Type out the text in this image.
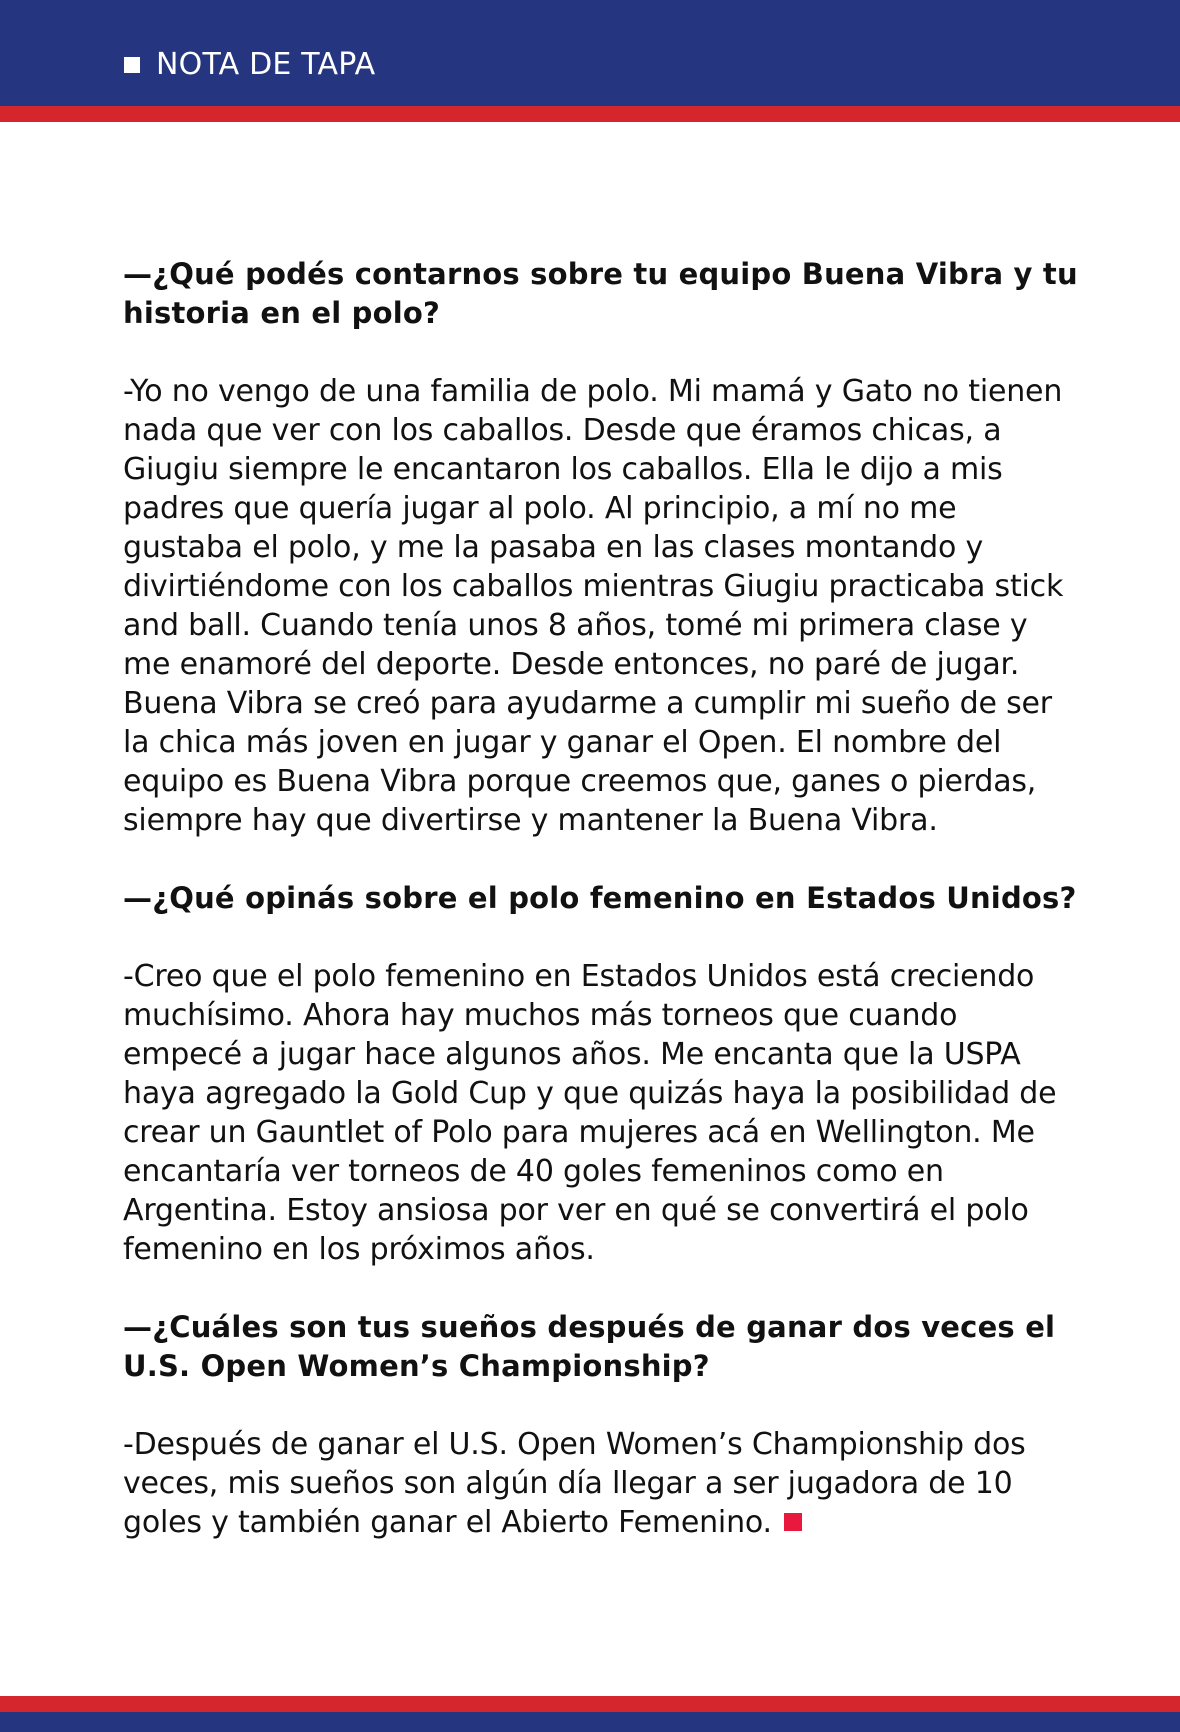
NOTA DE TAPA

—¿Qué podés contarnos sobre tu equipo Buena Vibra y tu historia en el polo?

-Yo no vengo de una familia de polo. Mi mamá y Gato no tienen nada que ver con los caballos. Desde que éramos chicas, a Giugiu siempre le encantaron los caballos. Ella le dijo a mis padres que quería jugar al polo. Al principio, a mí no me gustaba el polo, y me la pasaba en las clases montando y divirtiéndome con los caballos mientras Giugiu practicaba stick and ball. Cuando tenía unos 8 años, tomé mi primera clase y me enamoré del deporte. Desde entonces, no paré de jugar. Buena Vibra se creó para ayudarme a cumplir mi sueño de ser la chica más joven en jugar y ganar el Open. El nombre del equipo es Buena Vibra porque creemos que, ganes o pierdas, siempre hay que divertirse y mantener la Buena Vibra.

—¿Qué opinás sobre el polo femenino en Estados Unidos?

-Creo que el polo femenino en Estados Unidos está creciendo muchísimo. Ahora hay muchos más torneos que cuando empecé a jugar hace algunos años. Me encanta que la USPA haya agregado la Gold Cup y que quizás haya la posibilidad de crear un Gauntlet of Polo para mujeres acá en Wellington. Me encantaría ver torneos de 40 goles femeninos como en Argentina. Estoy ansiosa por ver en qué se convertirá el polo femenino en los próximos años.

—¿Cuáles son tus sueños después de ganar dos veces el U.S. Open Women’s Championship?

-Después de ganar el U.S. Open Women’s Championship dos veces, mis sueños son algún día llegar a ser jugadora de 10 goles y también ganar el Abierto Femenino.
